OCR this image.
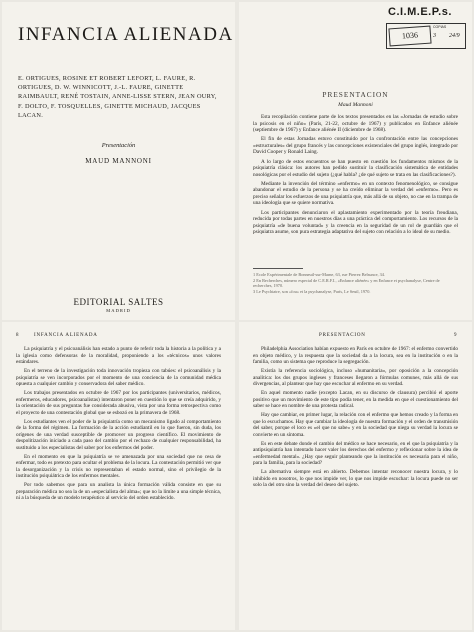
INFANCIA ALIENADA
E. ORTIGUES, ROSINE ET ROBERT LEFORT, L. FAURE, R. ORTIGUES, D. W. WINNICOTT, J.-L. FAURE, GINETTE RAIMBAULT, RENÉ TOSTAIN, ANNE-LISSE STERN, JEAN OURY, F. DOLTO, F. TOSQUELLES, GINETTE MICHAUD, JACQUES LACAN.
Presentación
MAUD MANNONI
EDITORIAL SALTES
MADRID
C.I.M.E.P.s.
1036
COPIAS
3 24/9
PRESENTACION
Maud Mannoni

Esta recopilación contiene parte de los textos presentados en las «Jornadas de estudio sobre la psicosis en el niño» (París, 21-22, octubre de 1967) y publicados en Enfance aliénée (septiembre de 1967) y Enfance aliénée II (diciembre de 1968).

El fin de estas Jornadas estuvo constituido por la confrontación entre las concepciones «estructurales» del grupo francés y las concepciones existenciales del grupo inglés, integrado por David Cooper y Ronald Laing.

A lo largo de estos encuentros se han puesto en cuestión los fundamentos mismos de la psiquiatría clásica: los autores han pedido sustituir la clasificación sistemática de entidades nosológicas por el estudio del sujeto (¿qué habla? ¿de qué sujeto se trata en las clasificaciones?).

Mediante la invención del término «enfermo» en un contexto fenomenológico, se consigue abandonar el estudio de la persona y se ha creído eliminar la verdad del «enfermo». Pero es preciso señalar los esfuerzos de una psiquiatría que, más allá de su objeto, no cae en la trampa de una ideología que se quiere normativa.

Los participantes denunciaron el aplastamiento experimentado por la teoría freudiana, reducida por todas partes en nuestros días a una práctica del comportamiento. Los recursos de la psiquiatría «de buena voluntad» y la creencia en la seguridad de un rol de guardián que el psiquiatra asume, son pura estrategia adaptativa del sujeto con relación a lo ideal de su medio.

1 Ecole Expérimentale de Bonneuil-sur-Marne, 63, rue Pierrez Belsunce, 34.

2 En Recherches, número especial de C.E.R.F.I., «Enfance aliénée» y en Enfance et psychanalyse, Centre de recherches, 1970.

3 Le Psychiatre, son «fou» et la psychanalyse, París, Le Seuil, 1970.

8	INFANCIA ALIENADA

La psiquiatría y el psicoanálisis han estado a punto de referir toda la historia a la política y a la iglesia como defensoras de la moralidad, proponiendo a los «técnicos» unos valores estándares.

En el terreno de la investigación toda innovación tropieza con tabúes: el psicoanálisis y la psiquiatría se ven incorporados por el momento de una conciencia de la comunidad médica opuesta a cualquier cambio y conservadora del saber médico.

Los trabajos presentados en octubre de 1967 por los participantes (universitarios, médicos, enfermeros, educadores, psicoanalistas) intentaron poner en cuestión lo que se creía adquirido, y la orientación de sus preguntas fue considerada abusiva, vista por una forma retrospectiva como el proyecto de una contestación global que se esbozó en la primavera de 1968.

Los estudiantes ven el poder de la psiquiatría como un mecanismo ligado al comportamiento de la forma del régimen. La formación de la acción estudiantil en lo que fueron, sin duda, los orígenes de una verdad susceptible de promover un progreso científico. El movimiento de despolitización iniciado a cada paso del cambio por el rechazo de cualquier responsabilidad, ha sustituido a los especialistas del saber por los enfermos del poder.

En el momento en que la psiquiatría se ve amenazada por una sociedad que no cesa de enfermar, todo es pretexto para ocultar el problema de la locura. La contestación permitió ver que la desorganización y la crisis no representaban el estado normal, sino el privilegio de la institución psiquiátrica de los enfermos mentales.

Por todo sabemos que para un analista la única formación válida consiste en que su preparación médica no sea la de un «especialista del alma»; que no la limite a una simple técnica, ni a la búsqueda de un modelo terapéutico al servicio del orden establecido.

PRESENTACION	9

Philadelphia Association habían expuesto en París en octubre de 1967: el enfermo convertido en objeto médico, y la respuesta que la sociedad da a la locura, sea en la institución o en la familia, como un sistema que reproduce la segregación.

Existía la referencia sociológica, incluso «humanitaria», por oposición a la concepción analítica: los dos grupos ingleses y franceses llegaron a fórmulas comunes, más allá de sus divergencias, al plantear que hay que escuchar al enfermo en su verdad.

En aquel momento nadie (excepto Lacan, en su discurso de clausura) percibió el aporte positivo que un movimiento de este tipo podía tener, en la medida en que el cuestionamiento del saber se hace en nombre de una protesta radical.

Hay que cambiar, en primer lugar, la relación con el enfermo que hemos creado y la forma en que lo escuchamos. Hay que cambiar la ideología de nuestra formación y el orden de transmisión del saber, porque el loco es «el que no sabe» y en la sociedad que niega su verdad la locura se convierte en un síntoma.

Es en este debate donde el cambio del médico se hace necesario, en el que la psiquiatría y la antipsiquiatría han intentado hacer valer los derechos del enfermo y reflexionar sobre la idea de «enfermedad mental». ¿Hay que seguir planteando que la institución es necesaria para el niño, para la familia, para la sociedad?

La alternativa siempre está en abierto. Debemos intentar reconocer nuestra locura, y lo inhibido en nosotros, lo que nos impide ver, lo que nos impide escuchar: la locura puede no ser solo la del otro sino la verdad del deseo del sujeto.
